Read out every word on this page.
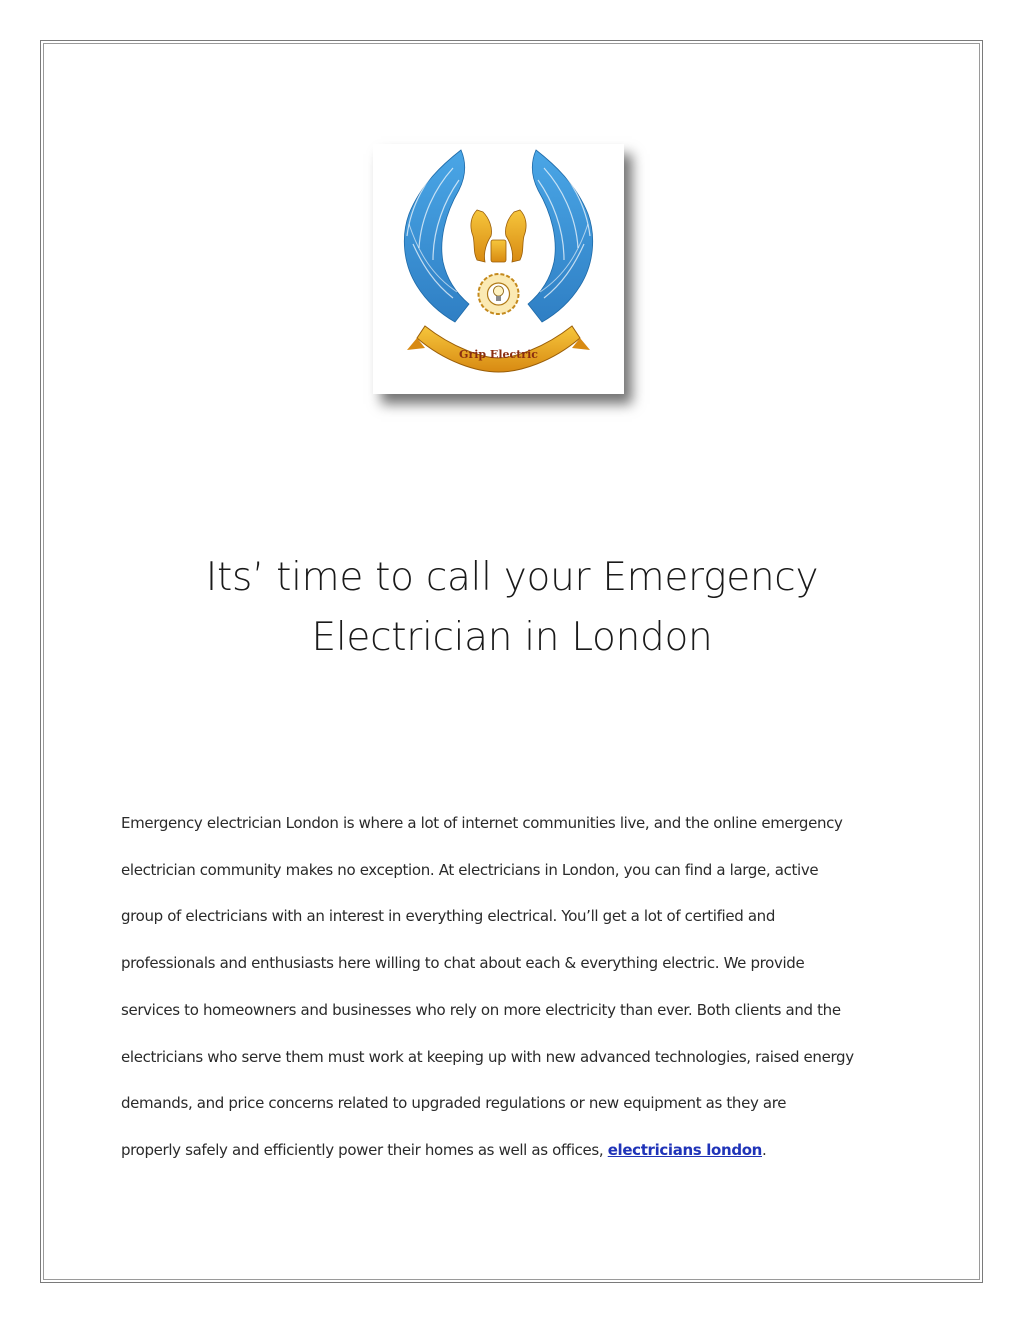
Grip Electric
Its’ time to call your Emergency
Electrician in London

Emergency electrician London is where a lot of internet communities live, and the online emergency
electrician community makes no exception. At electricians in London, you can find a large, active
group of electricians with an interest in everything electrical. You’ll get a lot of certified and
professionals and enthusiasts here willing to chat about each & everything electric. We provide
services to homeowners and businesses who rely on more electricity than ever. Both clients and the
electricians who serve them must work at keeping up with new advanced technologies, raised energy
demands, and price concerns related to upgraded regulations or new equipment as they are
properly safely and efficiently power their homes as well as offices, electricians london.
